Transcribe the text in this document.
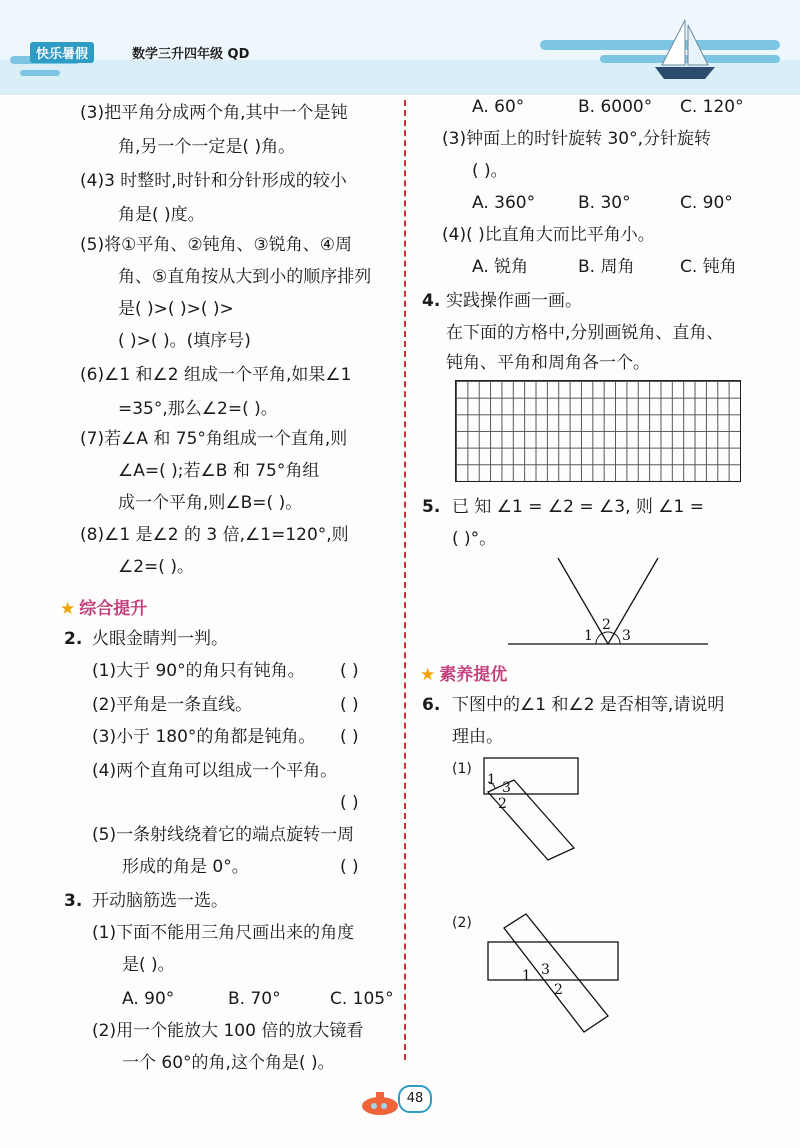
快乐暑假	数学三升四年级 QD
(3)把平角分成两个角,其中一个是钝
角,另一个一定是( )角。
(4)3 时整时,时针和分针形成的较小
角是( )度。
(5)将①平角、②钝角、③锐角、④周
角、⑤直角按从大到小的顺序排列
是( )>( )>( )>
( )>( )。(填序号)
(6)∠1 和∠2 组成一个平角,如果∠1
=35°,那么∠2=( )。
(7)若∠A 和 75°角组成一个直角,则
∠A=( );若∠B 和 75°角组
成一个平角,则∠B=( )。
(8)∠1 是∠2 的 3 倍,∠1=120°,则
∠2=( )。
★ 综合提升
2. 火眼金睛判一判。
(1)大于 90°的角只有钝角。 ( )
(2)平角是一条直线。	( )
(3)小于 180°的角都是钝角。 ( )
(4)两个直角可以组成一个平角。
( )
(5)一条射线绕着它的端点旋转一周
形成的角是 0°。	( )
3. 开动脑筋选一选。
(1)下面不能用三角尺画出来的角度
是( )。
A. 90°	B. 70°	C. 105°
(2)用一个能放大 100 倍的放大镜看
一个 60°的角,这个角是( )。
A. 60°	B. 6000° C. 120°
(3)钟面上的时针旋转 30°,分针旋转
( )。
A. 360°	B. 30°	C. 90°
(4)( )比直角大而比平角小。
A. 锐角	B. 周角	C. 钝角
4. 实践操作画一画。
在下面的方格中,分别画锐角、直角、
钝角、平角和周角各一个。
5. 已 知 ∠1 = ∠2 = ∠3, 则 ∠1 =
( )°。
1
2
3
★ 素养提优
6. 下图中的∠1 和∠2 是否相等,请说明
理由。
(1)
1 3
2
(2)
1 3
2
48
